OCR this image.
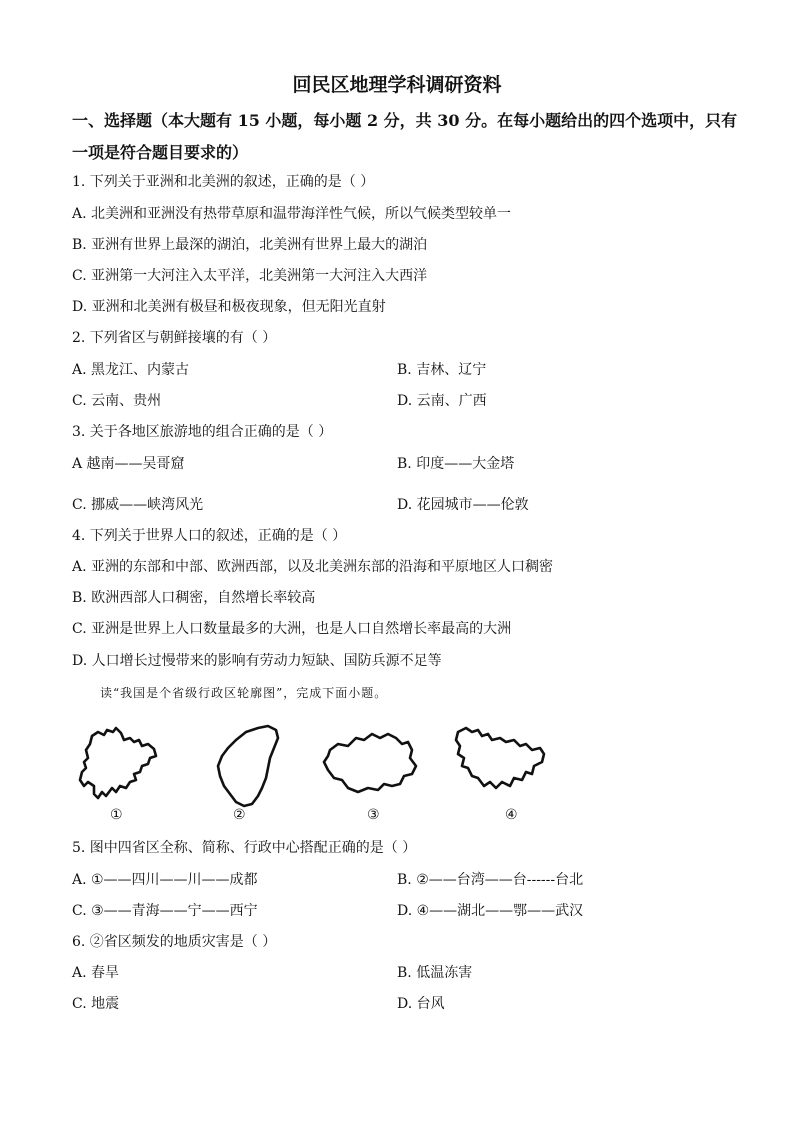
回民区地理学科调研资料
一、选择题（本大题有 15 小题，每小题 2 分，共 30 分。在每小题给出的四个选项中，只有
一项是符合题目要求的）
1. 下列关于亚洲和北美洲的叙述，正确的是（ ）
A. 北美洲和亚洲没有热带草原和温带海洋性气候，所以气候类型较单一
B. 亚洲有世界上最深的湖泊，北美洲有世界上最大的湖泊
C. 亚洲第一大河注入太平洋，北美洲第一大河注入大西洋
D. 亚洲和北美洲有极昼和极夜现象，但无阳光直射
2. 下列省区与朝鲜接壤的有（ ）
A. 黑龙江、内蒙古	B. 吉林、辽宁
C. 云南、贵州	D. 云南、广西
3. 关于各地区旅游地的组合正确的是（ ）
A 越南——吴哥窟	B. 印度——大金塔
C. 挪威——峡湾风光	D. 花园城市——伦敦
4. 下列关于世界人口的叙述，正确的是（ ）
A. 亚洲的东部和中部、欧洲西部，以及北美洲东部的沿海和平原地区人口稠密
B. 欧洲西部人口稠密，自然增长率较高
C. 亚洲是世界上人口数量最多的大洲，也是人口自然增长率最高的大洲
D. 人口增长过慢带来的影响有劳动力短缺、国防兵源不足等
读“我国是个省级行政区轮廓图”，完成下面小题。
①	②	③	④
5. 图中四省区全称、简称、行政中心搭配正确的是（ ）
A. ①——四川——川——成都	B. ②——台湾——台------台北
C. ③——青海——宁——西宁	D. ④——湖北——鄂——武汉
6. ②省区频发的地质灾害是（ ）
A. 春旱	B. 低温冻害
C. 地震	D. 台风
